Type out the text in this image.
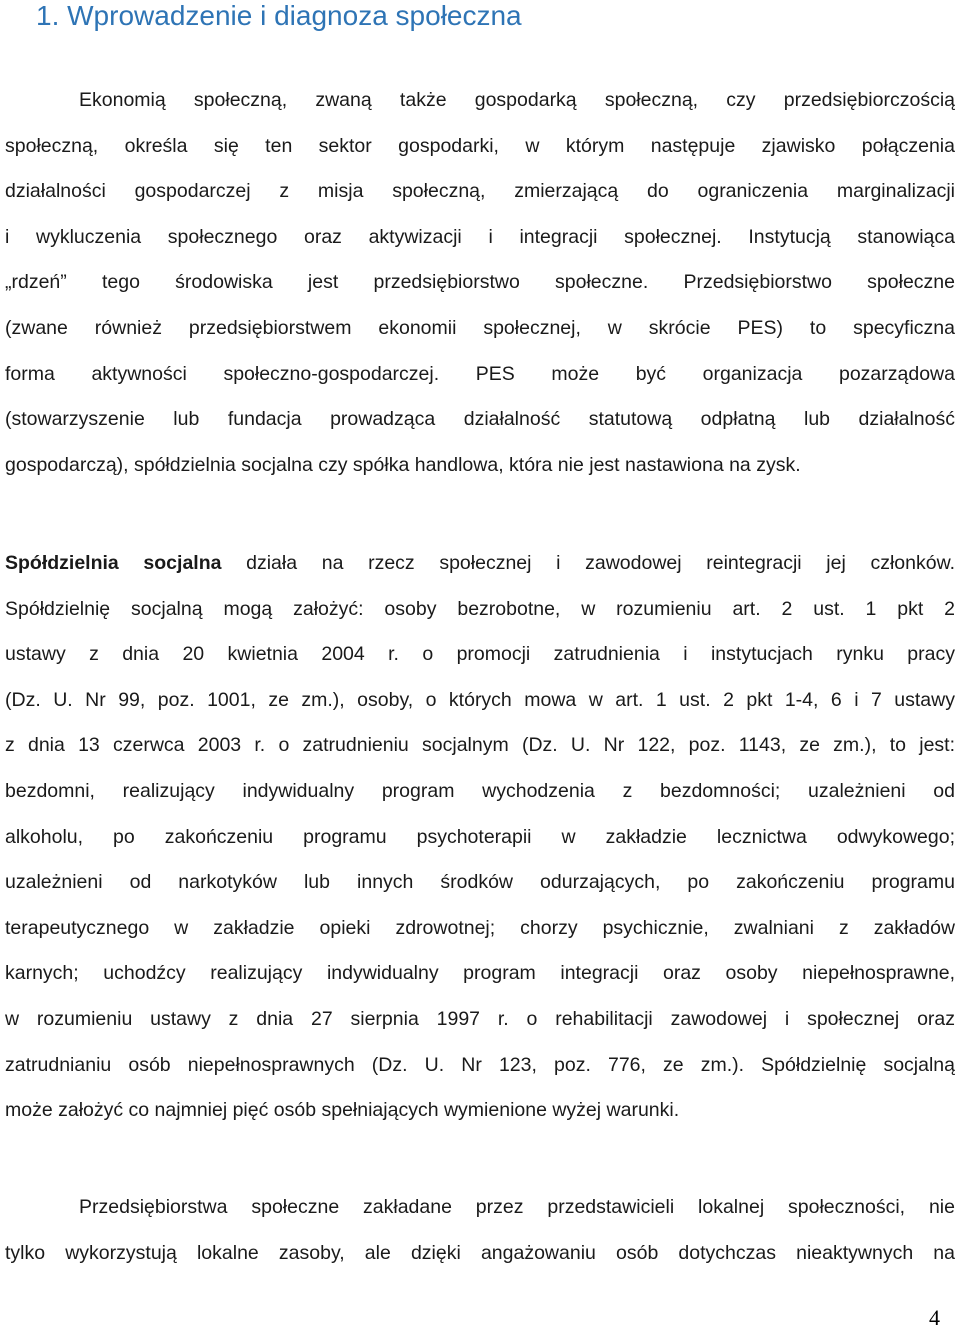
1. Wprowadzenie i diagnoza społeczna
Ekonomią społeczną, zwaną także gospodarką społeczną, czy przedsiębiorczością
społeczną, określa się ten sektor gospodarki, w którym następuje zjawisko połączenia
działalności gospodarczej z misja społeczną, zmierzającą do ograniczenia marginalizacji
i wykluczenia społecznego oraz aktywizacji i integracji społecznej. Instytucją stanowiąca
„rdzeń” tego środowiska jest przedsiębiorstwo społeczne. Przedsiębiorstwo społeczne
(zwane również przedsiębiorstwem ekonomii społecznej, w skrócie PES) to specyficzna
forma aktywności społeczno-gospodarczej. PES może być organizacja pozarządowa
(stowarzyszenie lub fundacja prowadząca działalność statutową odpłatną lub działalność
gospodarczą), spółdzielnia socjalna czy spółka handlowa, która nie jest nastawiona na zysk.
Spółdzielnia socjalna działa na rzecz społecznej i zawodowej reintegracji jej członków.
Spółdzielnię socjalną mogą założyć: osoby bezrobotne, w rozumieniu art. 2 ust. 1 pkt 2
ustawy z dnia 20 kwietnia 2004 r. o promocji zatrudnienia i instytucjach rynku pracy
(Dz. U. Nr 99, poz. 1001, ze zm.), osoby, o których mowa w art. 1 ust. 2 pkt 1-4, 6 i 7 ustawy
z dnia 13 czerwca 2003 r. o zatrudnieniu socjalnym (Dz. U. Nr 122, poz. 1143, ze zm.), to jest:
bezdomni, realizujący indywidualny program wychodzenia z bezdomności; uzależnieni od
alkoholu, po zakończeniu programu psychoterapii w zakładzie lecznictwa odwykowego;
uzależnieni od narkotyków lub innych środków odurzających, po zakończeniu programu
terapeutycznego w zakładzie opieki zdrowotnej; chorzy psychicznie, zwalniani z zakładów
karnych; uchodźcy realizujący indywidualny program integracji oraz osoby niepełnosprawne,
w rozumieniu ustawy z dnia 27 sierpnia 1997 r. o rehabilitacji zawodowej i społecznej oraz
zatrudnianiu osób niepełnosprawnych (Dz. U. Nr 123, poz. 776, ze zm.). Spółdzielnię socjalną
może założyć co najmniej pięć osób spełniających wymienione wyżej warunki.
Przedsiębiorstwa społeczne zakładane przez przedstawicieli lokalnej społeczności, nie
tylko wykorzystują lokalne zasoby, ale dzięki angażowaniu osób dotychczas nieaktywnych na
4
